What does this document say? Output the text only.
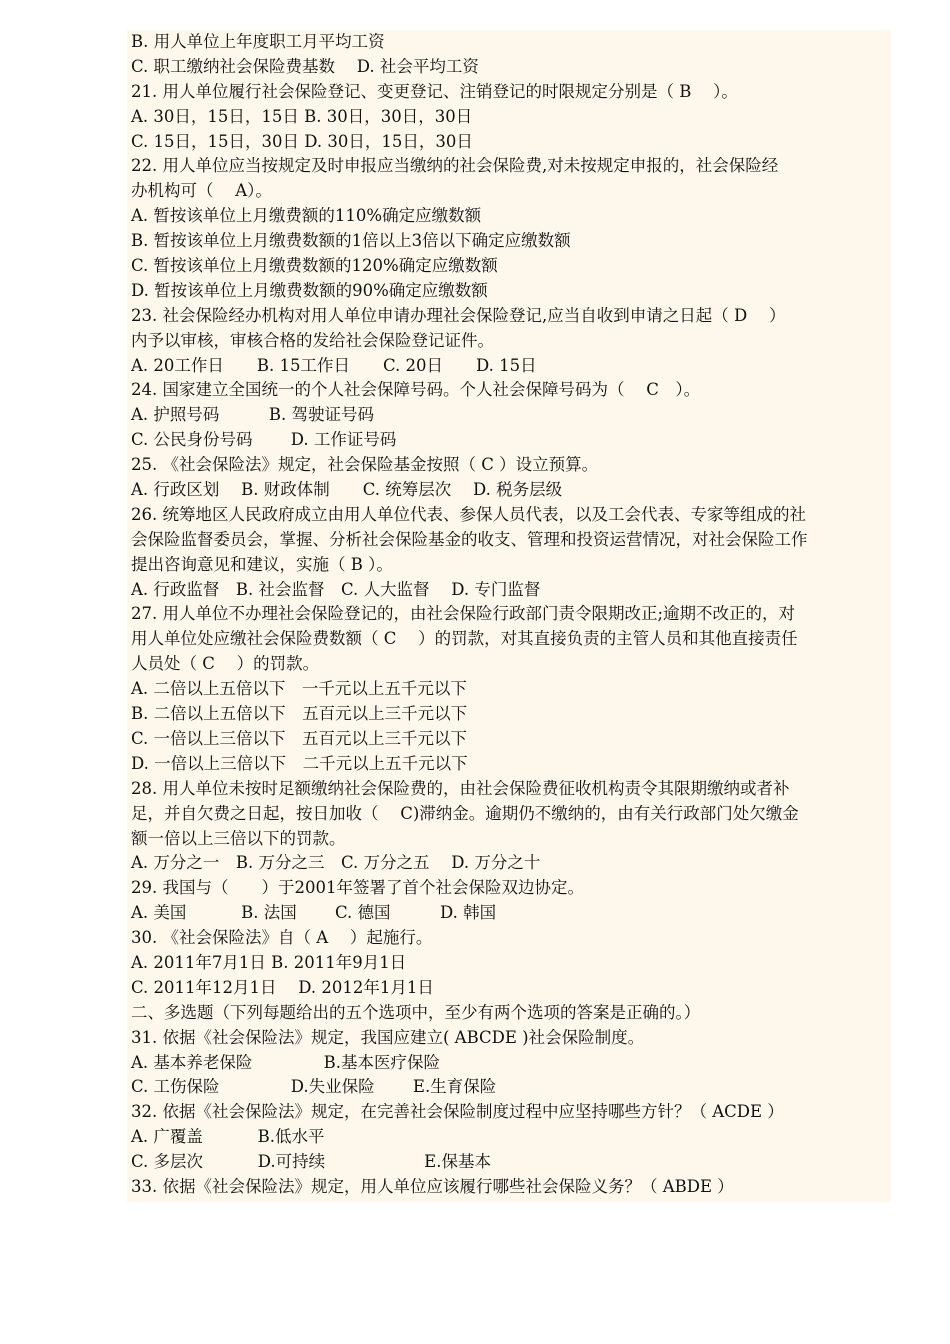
B. 用人单位上年度职工月平均工资
C. 职工缴纳社会保险费基数　 D. 社会平均工资
21. 用人单位履行社会保险登记、变更登记、注销登记的时限规定分别是（ B　 ）。
A. 30日，15日，15日 B. 30日，30日，30日
C. 15日，15日，30日 D. 30日，15日，30日
22. 用人单位应当按规定及时申报应当缴纳的社会保险费,对未按规定申报的，社会保险经
办机构可（　 A）。
A. 暂按该单位上月缴费额的110%确定应缴数额
B. 暂按该单位上月缴费数额的1倍以上3倍以下确定应缴数额
C. 暂按该单位上月缴费数额的120%确定应缴数额
D. 暂按该单位上月缴费数额的90%确定应缴数额
23. 社会保险经办机构对用人单位申请办理社会保险登记,应当自收到申请之日起（ D　 ）
内予以审核，审核合格的发给社会保险登记证件。
A. 20工作日　　B. 15工作日　　C. 20日　　D. 15日
24. 国家建立全国统一的个人社会保障号码。个人社会保障号码为（　 C　）。
A. 护照号码　　　B. 驾驶证号码
C. 公民身份号码　　 D. 工作证号码
25. 《社会保险法》规定，社会保险基金按照（ C ）设立预算。
A. 行政区划　 B. 财政体制　　C. 统筹层次　 D. 税务层级
26. 统筹地区人民政府成立由用人单位代表、参保人员代表，以及工会代表、专家等组成的社
会保险监督委员会，掌握、分析社会保险基金的收支、管理和投资运营情况，对社会保险工作
提出咨询意见和建议，实施（ B ）。
A. 行政监督　B. 社会监督　C. 人大监督　 D. 专门监督
27. 用人单位不办理社会保险登记的，由社会保险行政部门责令限期改正;逾期不改正的，对
用人单位处应缴社会保险费数额（ C　 ）的罚款，对其直接负责的主管人员和其他直接责任
人员处（ C　 ）的罚款。
A. 二倍以上五倍以下　一千元以上五千元以下
B. 二倍以上五倍以下　五百元以上三千元以下
C. 一倍以上三倍以下　五百元以上三千元以下
D. 一倍以上三倍以下　二千元以上五千元以下
28. 用人单位未按时足额缴纳社会保险费的，由社会保险费征收机构责令其限期缴纳或者补
足，并自欠费之日起，按日加收（　 C)滞纳金。逾期仍不缴纳的，由有关行政部门处欠缴金
额一倍以上三倍以下的罚款。
A. 万分之一　B. 万分之三　C. 万分之五　 D. 万分之十
29. 我国与（　　）于2001年签署了首个社会保险双边协定。
A. 美国　　　 B. 法国　　 C. 德国　　　D. 韩国
30. 《社会保险法》自（ A　 ）起施行。
A. 2011年7月1日 B. 2011年9月1日
C. 2011年12月1日　 D. 2012年1月1日
二、多选题（下列每题给出的五个选项中，至少有两个选项的答案是正确的。）
31. 依据《社会保险法》规定，我国应建立( ABCDE )社会保险制度。
A. 基本养老保险　　　　 B.基本医疗保险
C. 工伤保险　　　　 D.失业保险　　 E.生育保险
32. 依据《社会保险法》规定，在完善社会保险制度过程中应坚持哪些方针？（ ACDE ）
A. 广覆盖　　　 B.低水平
C. 多层次　　　 D.可持续　　　　　　E.保基本
33. 依据《社会保险法》规定，用人单位应该履行哪些社会保险义务？（ ABDE ）
